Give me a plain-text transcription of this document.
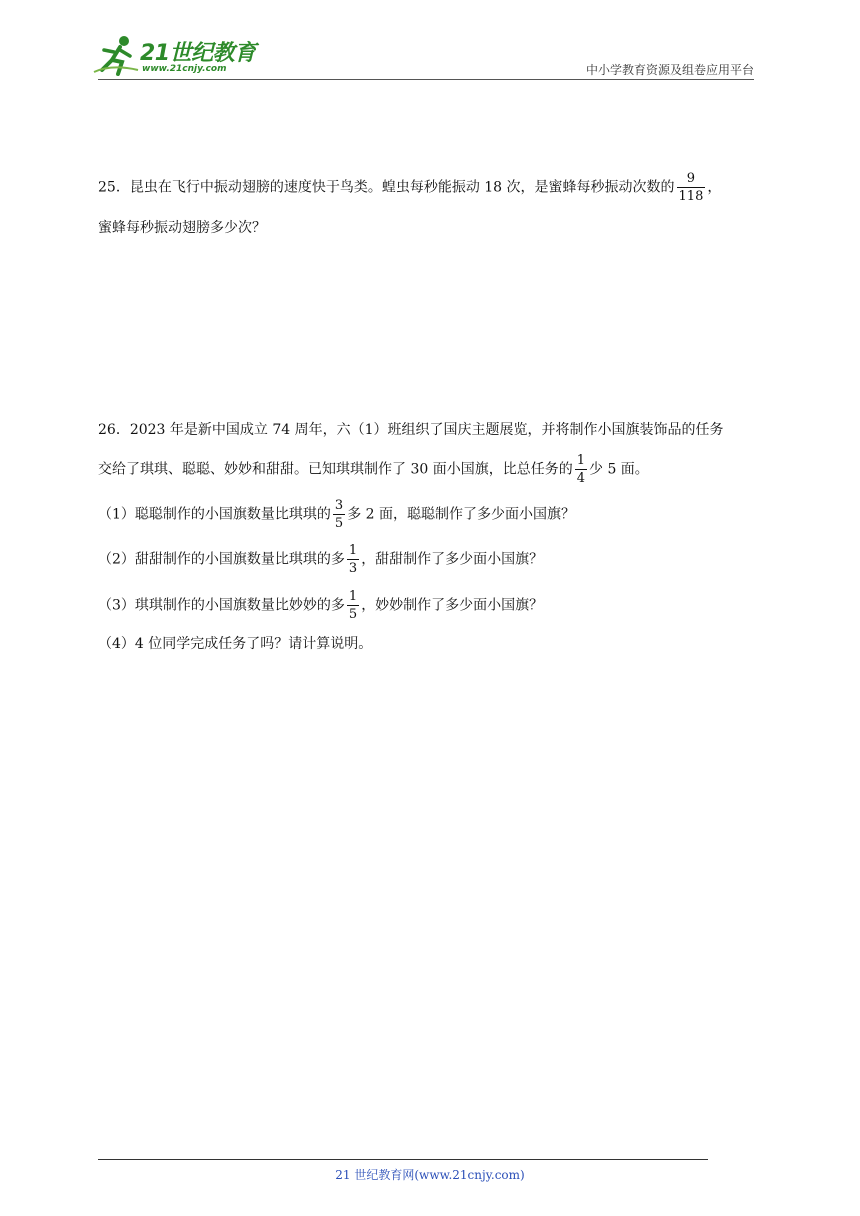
21世纪教育
www.21cnjy.com	中小学教育资源及组卷应用平台
25．昆虫在飞行中振动翅膀的速度快于鸟类。蝗虫每秒能振动 18 次，是蜜蜂每秒振动次数的 $\frac{9}{118}$ ，
蜜蜂每秒振动翅膀多少次？
26．2023 年是新中国成立 74 周年，六（1）班组织了国庆主题展览，并将制作小国旗装饰品的任务
交给了琪琪、聪聪、妙妙和甜甜。已知琪琪制作了 30 面小国旗，比总任务的 $\frac{1}{4}$ 少 5 面。
（1）聪聪制作的小国旗数量比琪琪的 $\frac{3}{5}$ 多 2 面，聪聪制作了多少面小国旗？
（2）甜甜制作的小国旗数量比琪琪的多 $\frac{1}{3}$ ，甜甜制作了多少面小国旗？
（3）琪琪制作的小国旗数量比妙妙的多 $\frac{1}{5}$ ，妙妙制作了多少面小国旗？
（4）4 位同学完成任务了吗？请计算说明。
21 世纪教育网(www.21cnjy.com)
